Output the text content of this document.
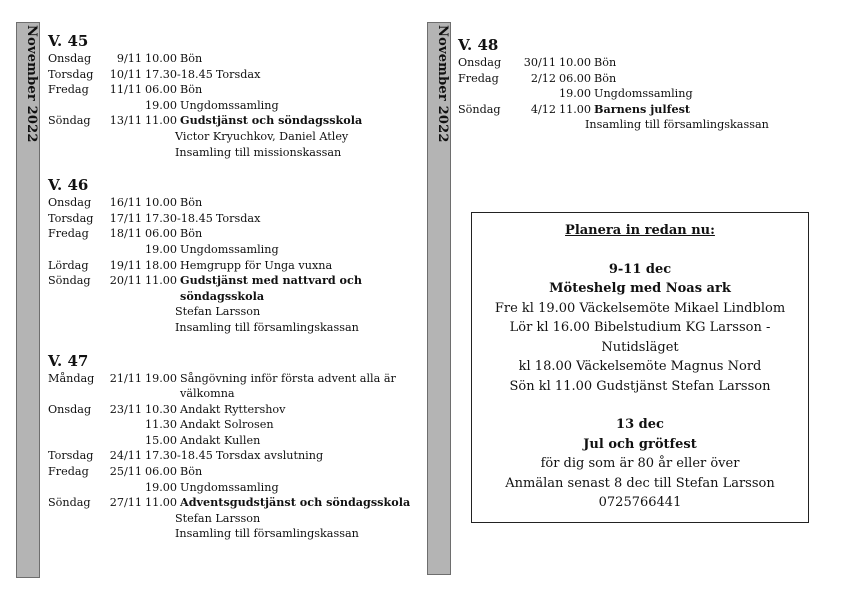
November 2022	November 2022
V. 45
Onsdag	9/11 10.00 Bön
Torsdag	10/11 17.30-18.45 Torsdax
Fredag	11/11 06.00 Bön
19.00 Ungdomssamling
Söndag	13/11 11.00 Gudstjänst och söndagsskola
Victor Kryuchkov, Daniel Atley
Insamling till missionskassan
V. 46
Onsdag	16/11 10.00 Bön
Torsdag	17/11 17.30-18.45 Torsdax
Fredag	18/11 06.00 Bön
19.00 Ungdomssamling
Lördag	19/11 18.00 Hemgrupp för Unga vuxna
Söndag	20/11 11.00 Gudstjänst med nattvard och söndagsskola
Stefan Larsson
Insamling till församlingskassan
V. 47
Måndag	21/11 19.00 Sångövning inför första advent alla är välkomna
Onsdag	23/11 10.30 Andakt Ryttershov
11.30 Andakt Solrosen
15.00 Andakt Kullen
Torsdag	24/11 17.30-18.45 Torsdax avslutning
Fredag	25/11 06.00 Bön
19.00 Ungdomssamling
Söndag	27/11 11.00 Adventsgudstjänst och söndagsskola
Stefan Larsson
Insamling till församlingskassan
V. 48
Onsdag	30/11 10.00 Bön
Fredag	2/12 06.00 Bön
19.00 Ungdomssamling
Söndag	4/12 11.00 Barnens julfest
Insamling till församlingskassan
Planera in redan nu:
9-11 dec
Möteshelg med Noas ark
Fre kl 19.00 Väckelsemöte Mikael Lindblom
Lör kl 16.00 Bibelstudium KG Larsson -
Nutidsläget
kl 18.00 Väckelsemöte Magnus Nord
Sön kl 11.00 Gudstjänst Stefan Larsson
13 dec
Jul och grötfest
för dig som är 80 år eller över
Anmälan senast 8 dec till Stefan Larsson
0725766441
